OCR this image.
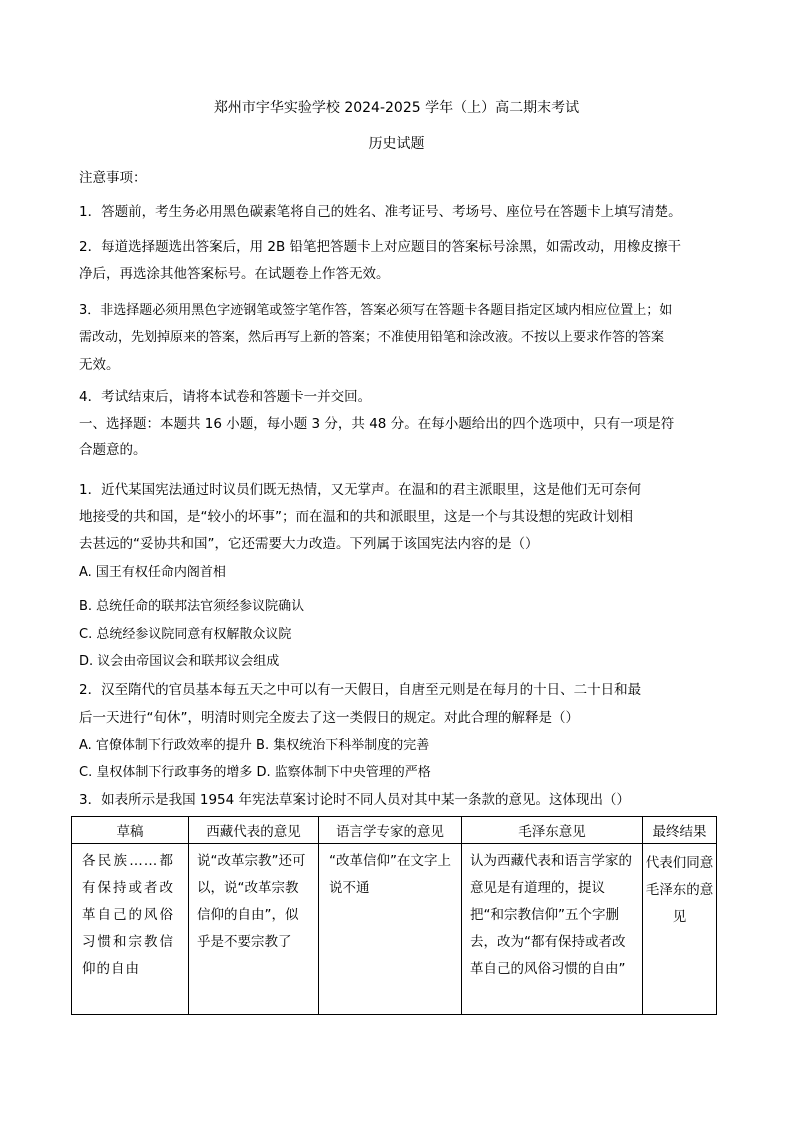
郑州市宇华实验学校 2024-2025 学年（上）高二期末考试
历史试题
注意事项：
1．答题前，考生务必用黑色碳素笔将自己的姓名、准考证号、考场号、座位号在答题卡上填写清楚。
2．每道选择题选出答案后，用 2B 铅笔把答题卡上对应题目的答案标号涂黑，如需改动，用橡皮擦干
净后，再选涂其他答案标号。在试题卷上作答无效。
3．非选择题必须用黑色字迹钢笔或签字笔作答，答案必须写在答题卡各题目指定区域内相应位置上；如
需改动，先划掉原来的答案，然后再写上新的答案；不准使用铅笔和涂改液。不按以上要求作答的答案
无效。
4．考试结束后，请将本试卷和答题卡一并交回。
一、选择题：本题共 16 小题，每小题 3 分，共 48 分。在每小题给出的四个选项中，只有一项是符
合题意的。
1．近代某国宪法通过时议员们既无热情，又无掌声。在温和的君主派眼里，这是他们无可奈何
地接受的共和国，是“较小的坏事”；而在温和的共和派眼里，这是一个与其设想的宪政计划相
去甚远的“妥协共和国”，它还需要大力改造。下列属于该国宪法内容的是（）
A. 国王有权任命内阁首相
B. 总统任命的联邦法官须经参议院确认
C. 总统经参议院同意有权解散众议院
D. 议会由帝国议会和联邦议会组成
2．汉至隋代的官员基本每五天之中可以有一天假日，自唐至元则是在每月的十日、二十日和最
后一天进行“旬休”，明清时则完全废去了这一类假日的规定。对此合理的解释是（）
A. 官僚体制下行政效率的提升 B. 集权统治下科举制度的完善
C. 皇权体制下行政事务的增多 D. 监察体制下中央管理的严格
3．如表所示是我国 1954 年宪法草案讨论时不同人员对其中某一条款的意见。这体现出（）
草稿	西藏代表的意见	语言学专家的意见	毛泽东意见	最终结果
各民族……都有保持或者改革自己的风俗习惯和宗教信仰的自由	说“改革宗教”还可以，说“改革宗教信仰的自由”，似乎是不要宗教了	“改革信仰”在文字上说不通	认为西藏代表和语言学家的意见是有道理的，提议把“和宗教信仰”五个字删去，改为“都有保持或者改革自己的风俗习惯的自由”	代表们同意毛泽东的意见
